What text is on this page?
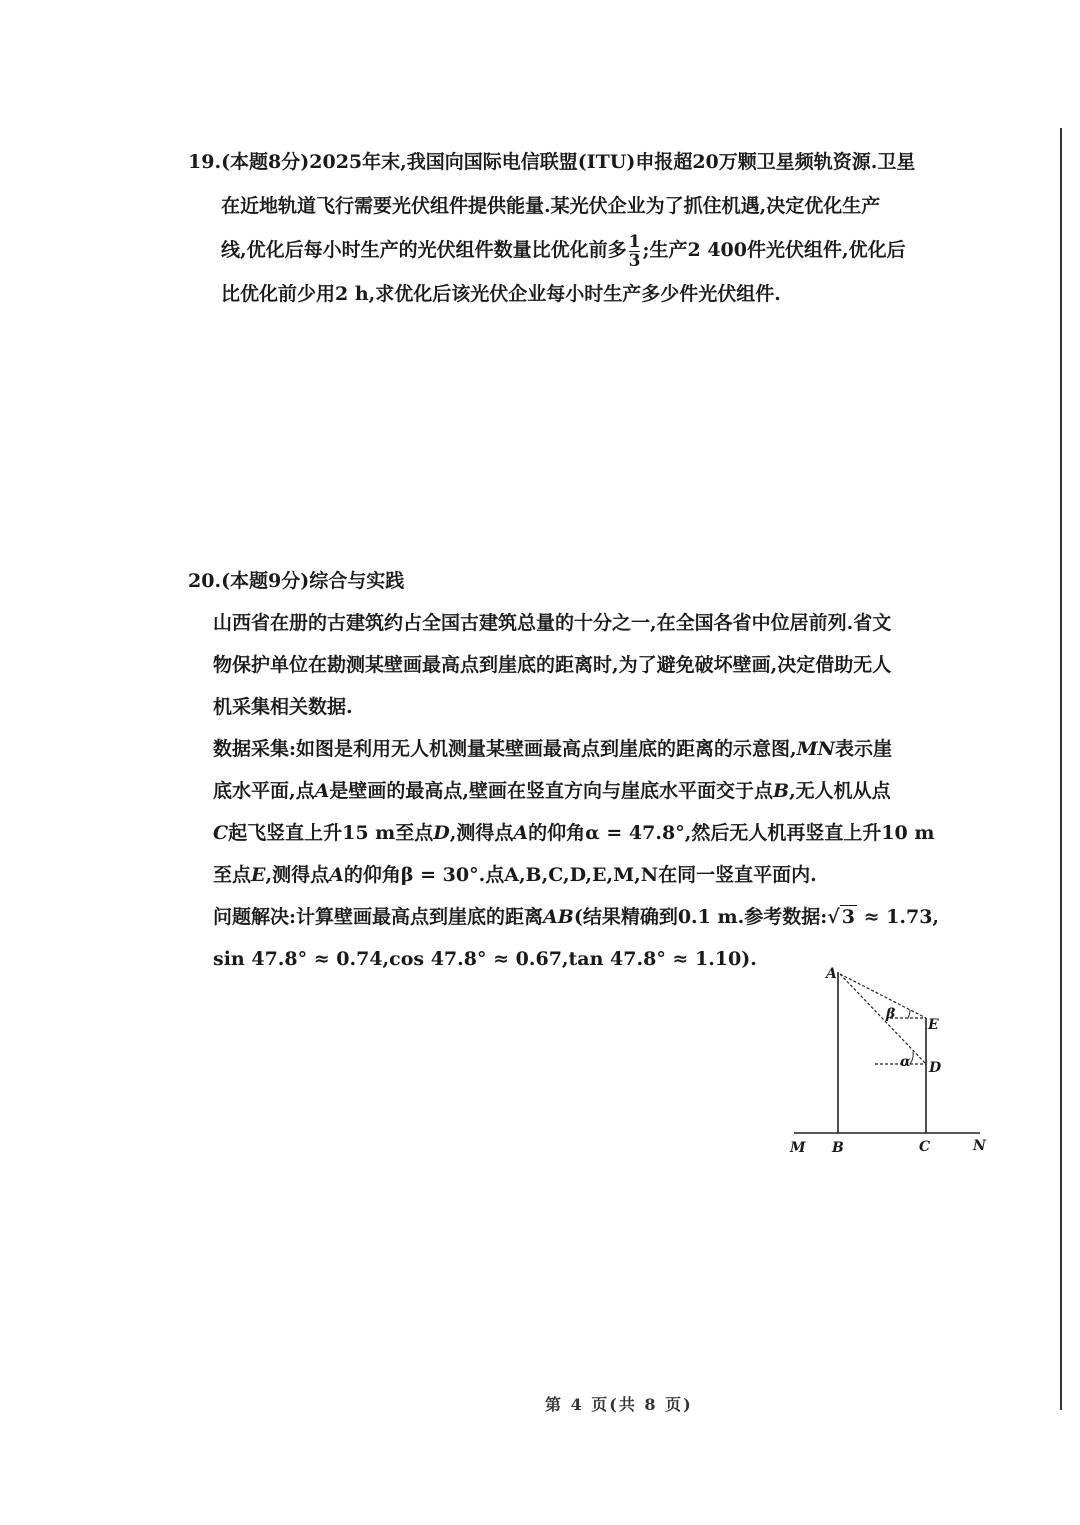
19.(本题8分)2025年末,我国向国际电信联盟(ITU)申报超20万颗卫星频轨资源.卫星
在近地轨道飞行需要光伏组件提供能量.某光伏企业为了抓住机遇,决定优化生产
线,优化后每小时生产的光伏组件数量比优化前多 $\frac{1}{3}$ ;生产2 400件光伏组件,优化后
比优化前少用2 h,求优化后该光伏企业每小时生产多少件光伏组件.
20.(本题9分)综合与实践
山西省在册的古建筑约占全国古建筑总量的十分之一,在全国各省中位居前列.省文
物保护单位在勘测某壁画最高点到崖底的距离时,为了避免破坏壁画,决定借助无人
机采集相关数据.
数据采集:如图是利用无人机测量某壁画最高点到崖底的距离的示意图,MN表示崖
底水平面,点A是壁画的最高点,壁画在竖直方向与崖底水平面交于点B,无人机从点
C起飞竖直上升15 m至点D,测得点A的仰角α = 47.8°,然后无人机再竖直上升10 m
至点E,测得点A的仰角β = 30°.点A,B,C,D,E,M,N在同一竖直平面内.
问题解决:计算壁画最高点到崖底的距离AB(结果精确到0.1 m.参考数据:√ 3 ≈ 1.73,
sin 47.8° ≈ 0.74,cos 47.8° ≈ 0.67,tan 47.8° ≈ 1.10).
A
β
E
α D
M B	C	N
第 4 页(共 8 页)
